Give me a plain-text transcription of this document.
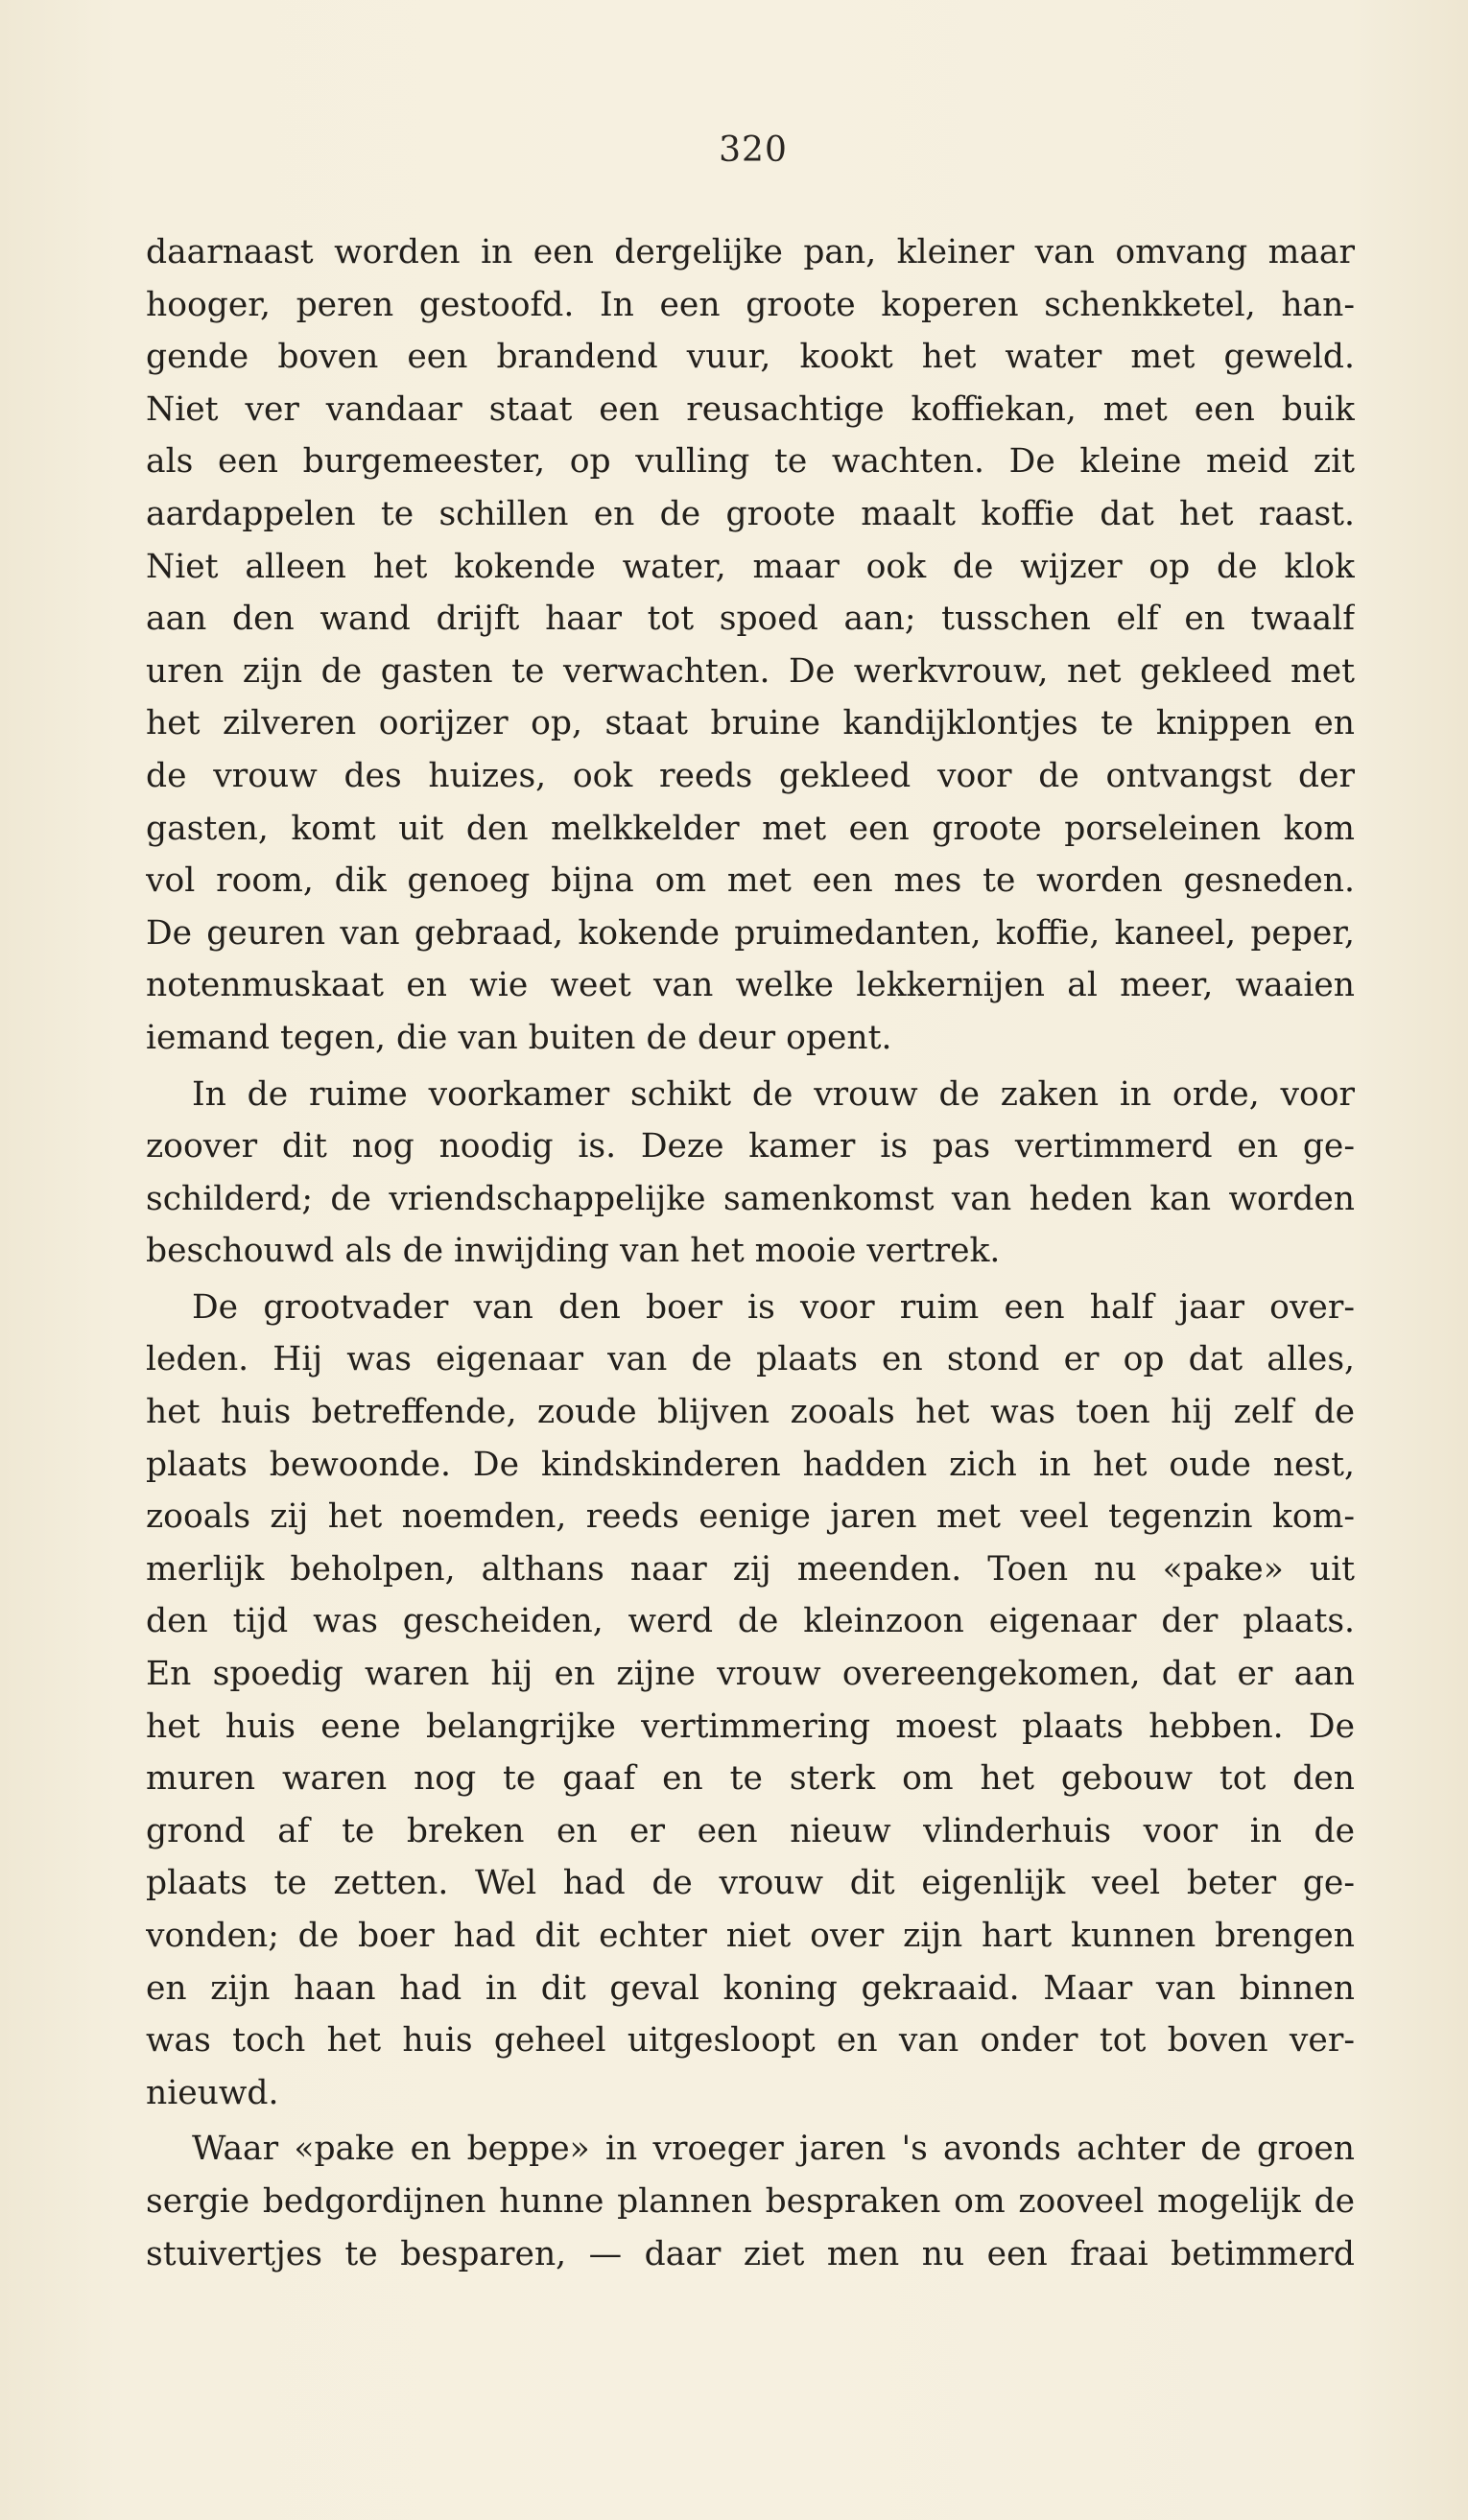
320
daarnaast worden in een dergelijke pan, kleiner van omvang maar
hooger, peren gestoofd. In een groote koperen schenkketel, han-
gende boven een brandend vuur, kookt het water met geweld.
Niet ver vandaar staat een reusachtige koffiekan, met een buik
als een burgemeester, op vulling te wachten. De kleine meid zit
aardappelen te schillen en de groote maalt koffie dat het raast.
Niet alleen het kokende water, maar ook de wijzer op de klok
aan den wand drijft haar tot spoed aan; tusschen elf en twaalf
uren zijn de gasten te verwachten. De werkvrouw, net gekleed met
het zilveren oorijzer op, staat bruine kandijklontjes te knippen en
de vrouw des huizes, ook reeds gekleed voor de ontvangst der
gasten, komt uit den melkkelder met een groote porseleinen kom
vol room, dik genoeg bijna om met een mes te worden gesneden.
De geuren van gebraad, kokende pruimedanten, koffie, kaneel, peper,
notenmuskaat en wie weet van welke lekkernijen al meer, waaien
iemand tegen, die van buiten de deur opent.
In de ruime voorkamer schikt de vrouw de zaken in orde, voor
zoover dit nog noodig is. Deze kamer is pas vertimmerd en ge-
schilderd; de vriendschappelijke samenkomst van heden kan worden
beschouwd als de inwijding van het mooie vertrek.
De grootvader van den boer is voor ruim een half jaar over-
leden. Hij was eigenaar van de plaats en stond er op dat alles,
het huis betreffende, zoude blijven zooals het was toen hij zelf de
plaats bewoonde. De kindskinderen hadden zich in het oude nest,
zooals zij het noemden, reeds eenige jaren met veel tegenzin kom-
merlijk beholpen, althans naar zij meenden. Toen nu «pake» uit
den tijd was gescheiden, werd de kleinzoon eigenaar der plaats.
En spoedig waren hij en zijne vrouw overeengekomen, dat er aan
het huis eene belangrijke vertimmering moest plaats hebben. De
muren waren nog te gaaf en te sterk om het gebouw tot den
grond af te breken en er een nieuw vlinderhuis voor in de
plaats te zetten. Wel had de vrouw dit eigenlijk veel beter ge-
vonden; de boer had dit echter niet over zijn hart kunnen brengen
en zijn haan had in dit geval koning gekraaid. Maar van binnen
was toch het huis geheel uitgesloopt en van onder tot boven ver-
nieuwd.
Waar «pake en beppe» in vroeger jaren 's avonds achter de groen
sergie bedgordijnen hunne plannen bespraken om zooveel mogelijk de
stuivertjes te besparen, — daar ziet men nu een fraai betimmerd
